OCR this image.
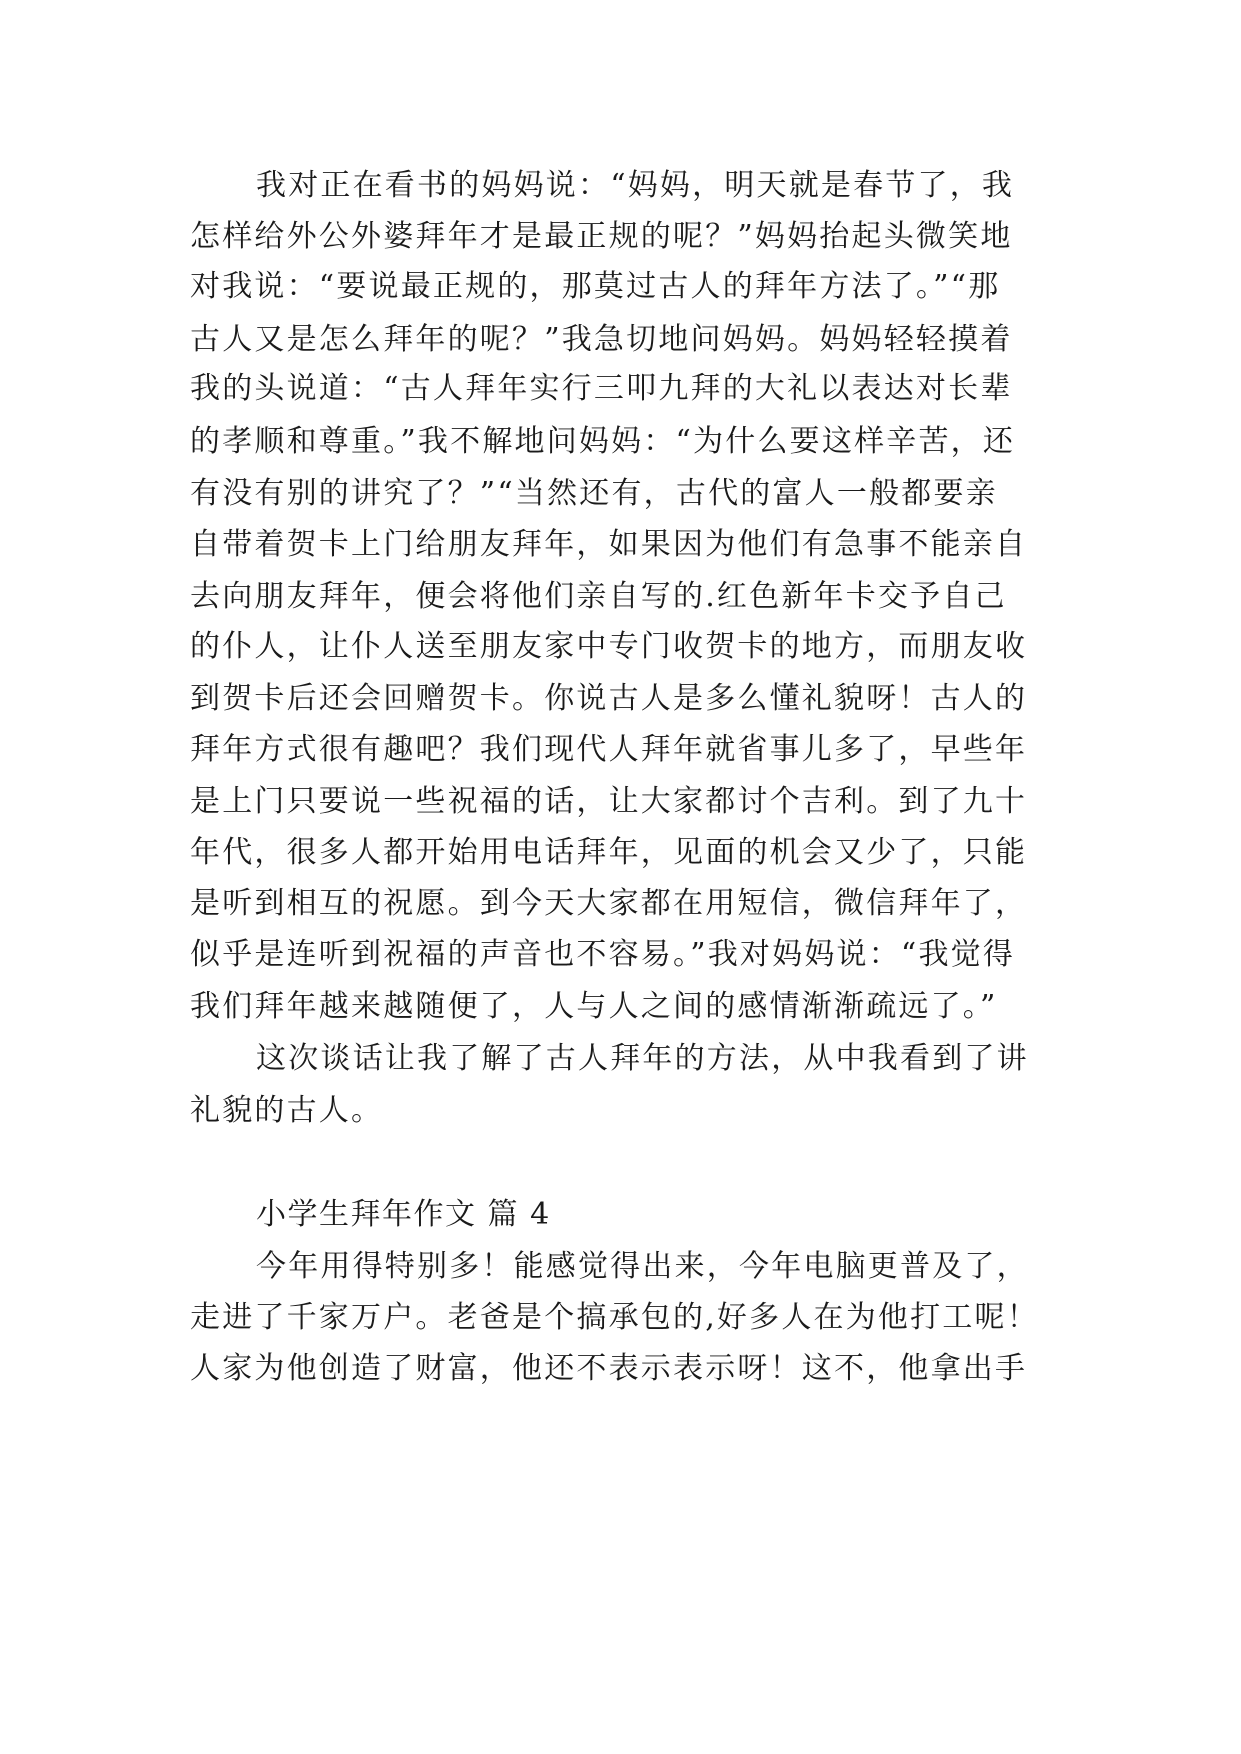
我对正在看书的妈妈说：“妈妈，明天就是春节了，我
怎样给外公外婆拜年才是最正规的呢？”妈妈抬起头微笑地
对我说：“要说最正规的，那莫过古人的拜年方法了。”“那
古人又是怎么拜年的呢？”我急切地问妈妈。妈妈轻轻摸着
我的头说道：“古人拜年实行三叩九拜的大礼以表达对长辈
的孝顺和尊重。”我不解地问妈妈：“为什么要这样辛苦，还
有没有别的讲究了？”“当然还有，古代的富人一般都要亲
自带着贺卡上门给朋友拜年，如果因为他们有急事不能亲自
去向朋友拜年，便会将他们亲自写的.红色新年卡交予自己
的仆人，让仆人送至朋友家中专门收贺卡的地方，而朋友收
到贺卡后还会回赠贺卡。你说古人是多么懂礼貌呀！古人的
拜年方式很有趣吧？我们现代人拜年就省事儿多了，早些年
是上门只要说一些祝福的话，让大家都讨个吉利。到了九十
年代，很多人都开始用电话拜年，见面的机会又少了，只能
是听到相互的祝愿。到今天大家都在用短信，微信拜年了，
似乎是连听到祝福的声音也不容易。”我对妈妈说：“我觉得
我们拜年越来越随便了，人与人之间的感情渐渐疏远了。”
这次谈话让我了解了古人拜年的方法，从中我看到了讲
礼貌的古人。
小学生拜年作文 篇 4
今年用得特别多！能感觉得出来，今年电脑更普及了，
走进了千家万户。老爸是个搞承包的,好多人在为他打工呢！
人家为他创造了财富，他还不表示表示呀！这不，他拿出手
